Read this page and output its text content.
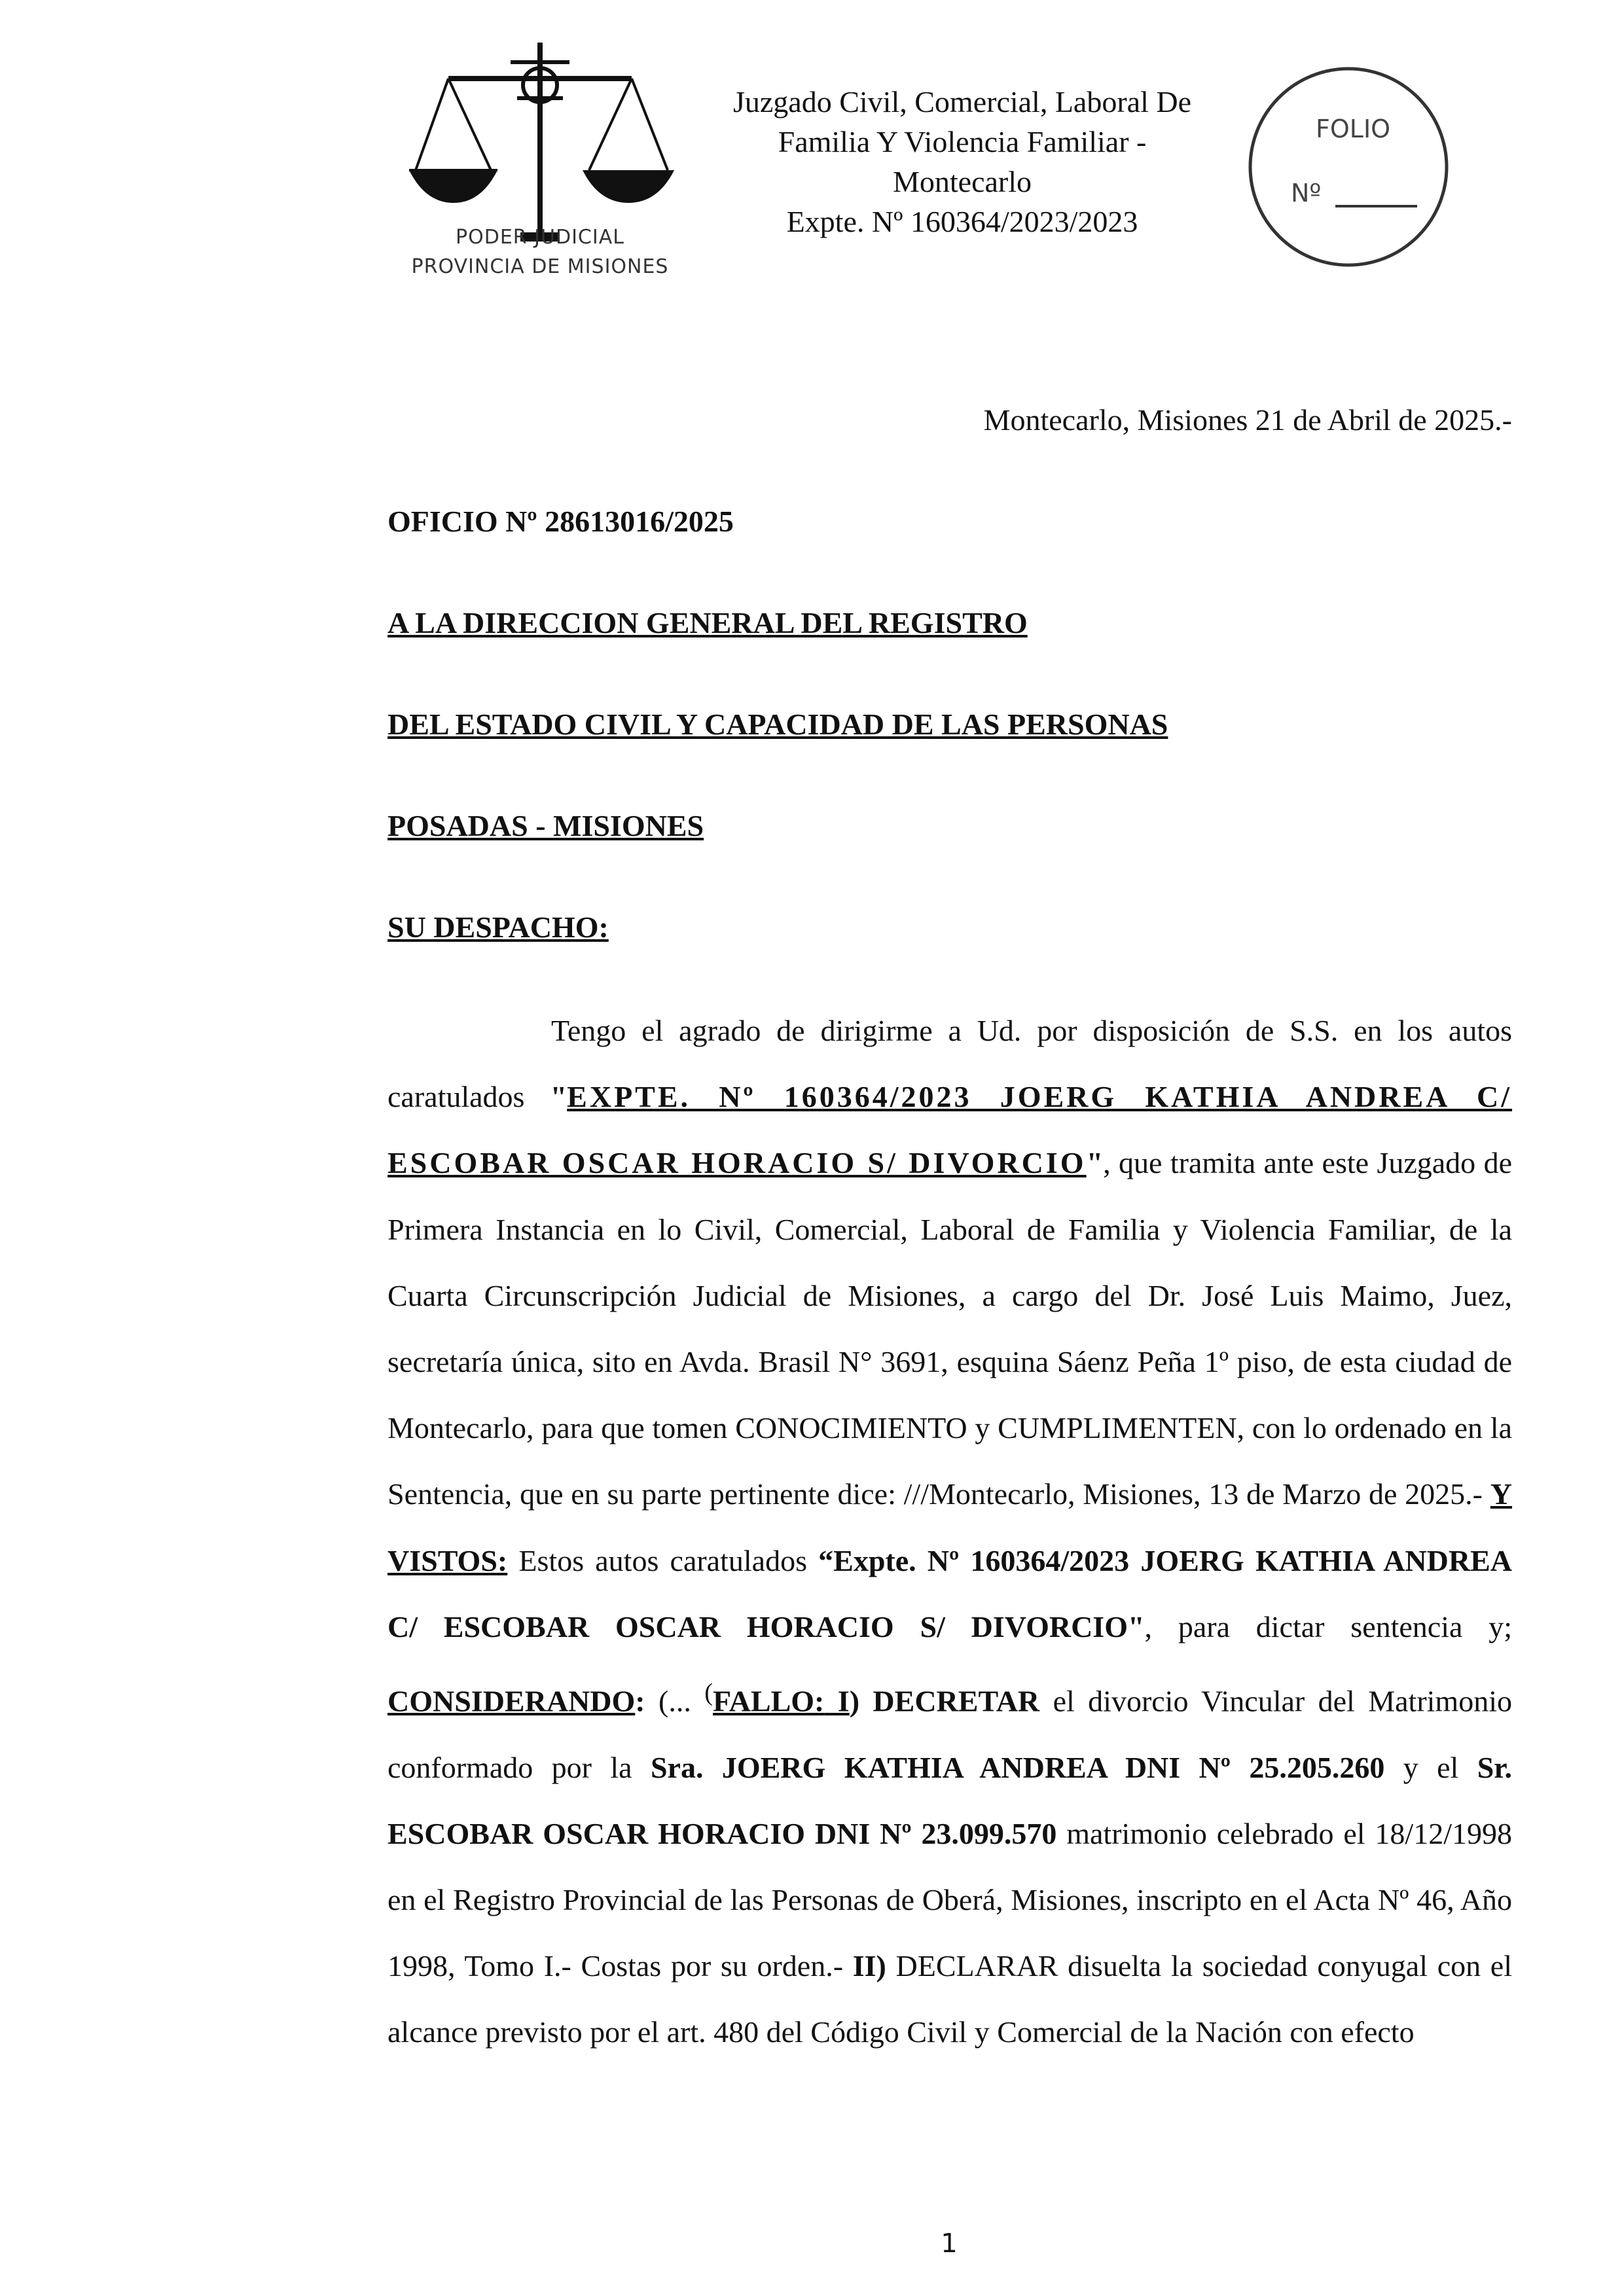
PODER JUDICIAL
PROVINCIA DE MISIONES
Juzgado Civil, Comercial, Laboral De
Familia Y Violencia Familiar -
Montecarlo
Expte. Nº 160364/2023/2023
FOLIO
Nº
Montecarlo, Misiones 21 de Abril de 2025.-
OFICIO Nº 28613016/2025
A LA DIRECCION GENERAL DEL REGISTRO
DEL ESTADO CIVIL Y CAPACIDAD DE LAS PERSONAS
POSADAS - MISIONES
SU DESPACHO:
Tengo el agrado de dirigirme a Ud. por disposición de S.S. en los autos caratulados "EXPTE. Nº 160364/2023 JOERG KATHIA ANDREA C/ ESCOBAR OSCAR HORACIO S/ DIVORCIO", que tramita ante este Juzgado de Primera Instancia en lo Civil, Comercial, Laboral de Familia y Violencia Familiar, de la Cuarta Circunscripción Judicial de Misiones, a cargo del Dr. José Luis Maimo, Juez, secretaría única, sito en Avda. Brasil N° 3691, esquina Sáenz Peña 1º piso, de esta ciudad de Montecarlo, para que tomen CONOCIMIENTO y CUMPLIMENTEN, con lo ordenado en la Sentencia, que en su parte pertinente dice: ///Montecarlo, Misiones, 13 de Marzo de 2025.- Y VISTOS: Estos autos caratulados “Expte. Nº 160364/2023 JOERG KATHIA ANDREA C/ ESCOBAR OSCAR HORACIO S/ DIVORCIO", para dictar sentencia y; CONSIDERANDO: (... (FALLO: I) DECRETAR el divorcio Vincular del Matrimonio conformado por la Sra. JOERG KATHIA ANDREA DNI Nº 25.205.260 y el Sr. ESCOBAR OSCAR HORACIO DNI Nº 23.099.570 matrimonio celebrado el 18/12/1998 en el Registro Provincial de las Personas de Oberá, Misiones, inscripto en el Acta Nº 46, Año 1998, Tomo I.- Costas por su orden.- II) DECLARAR disuelta la sociedad conyugal con el alcance previsto por el art. 480 del Código Civil y Comercial de la Nación con efecto
1
